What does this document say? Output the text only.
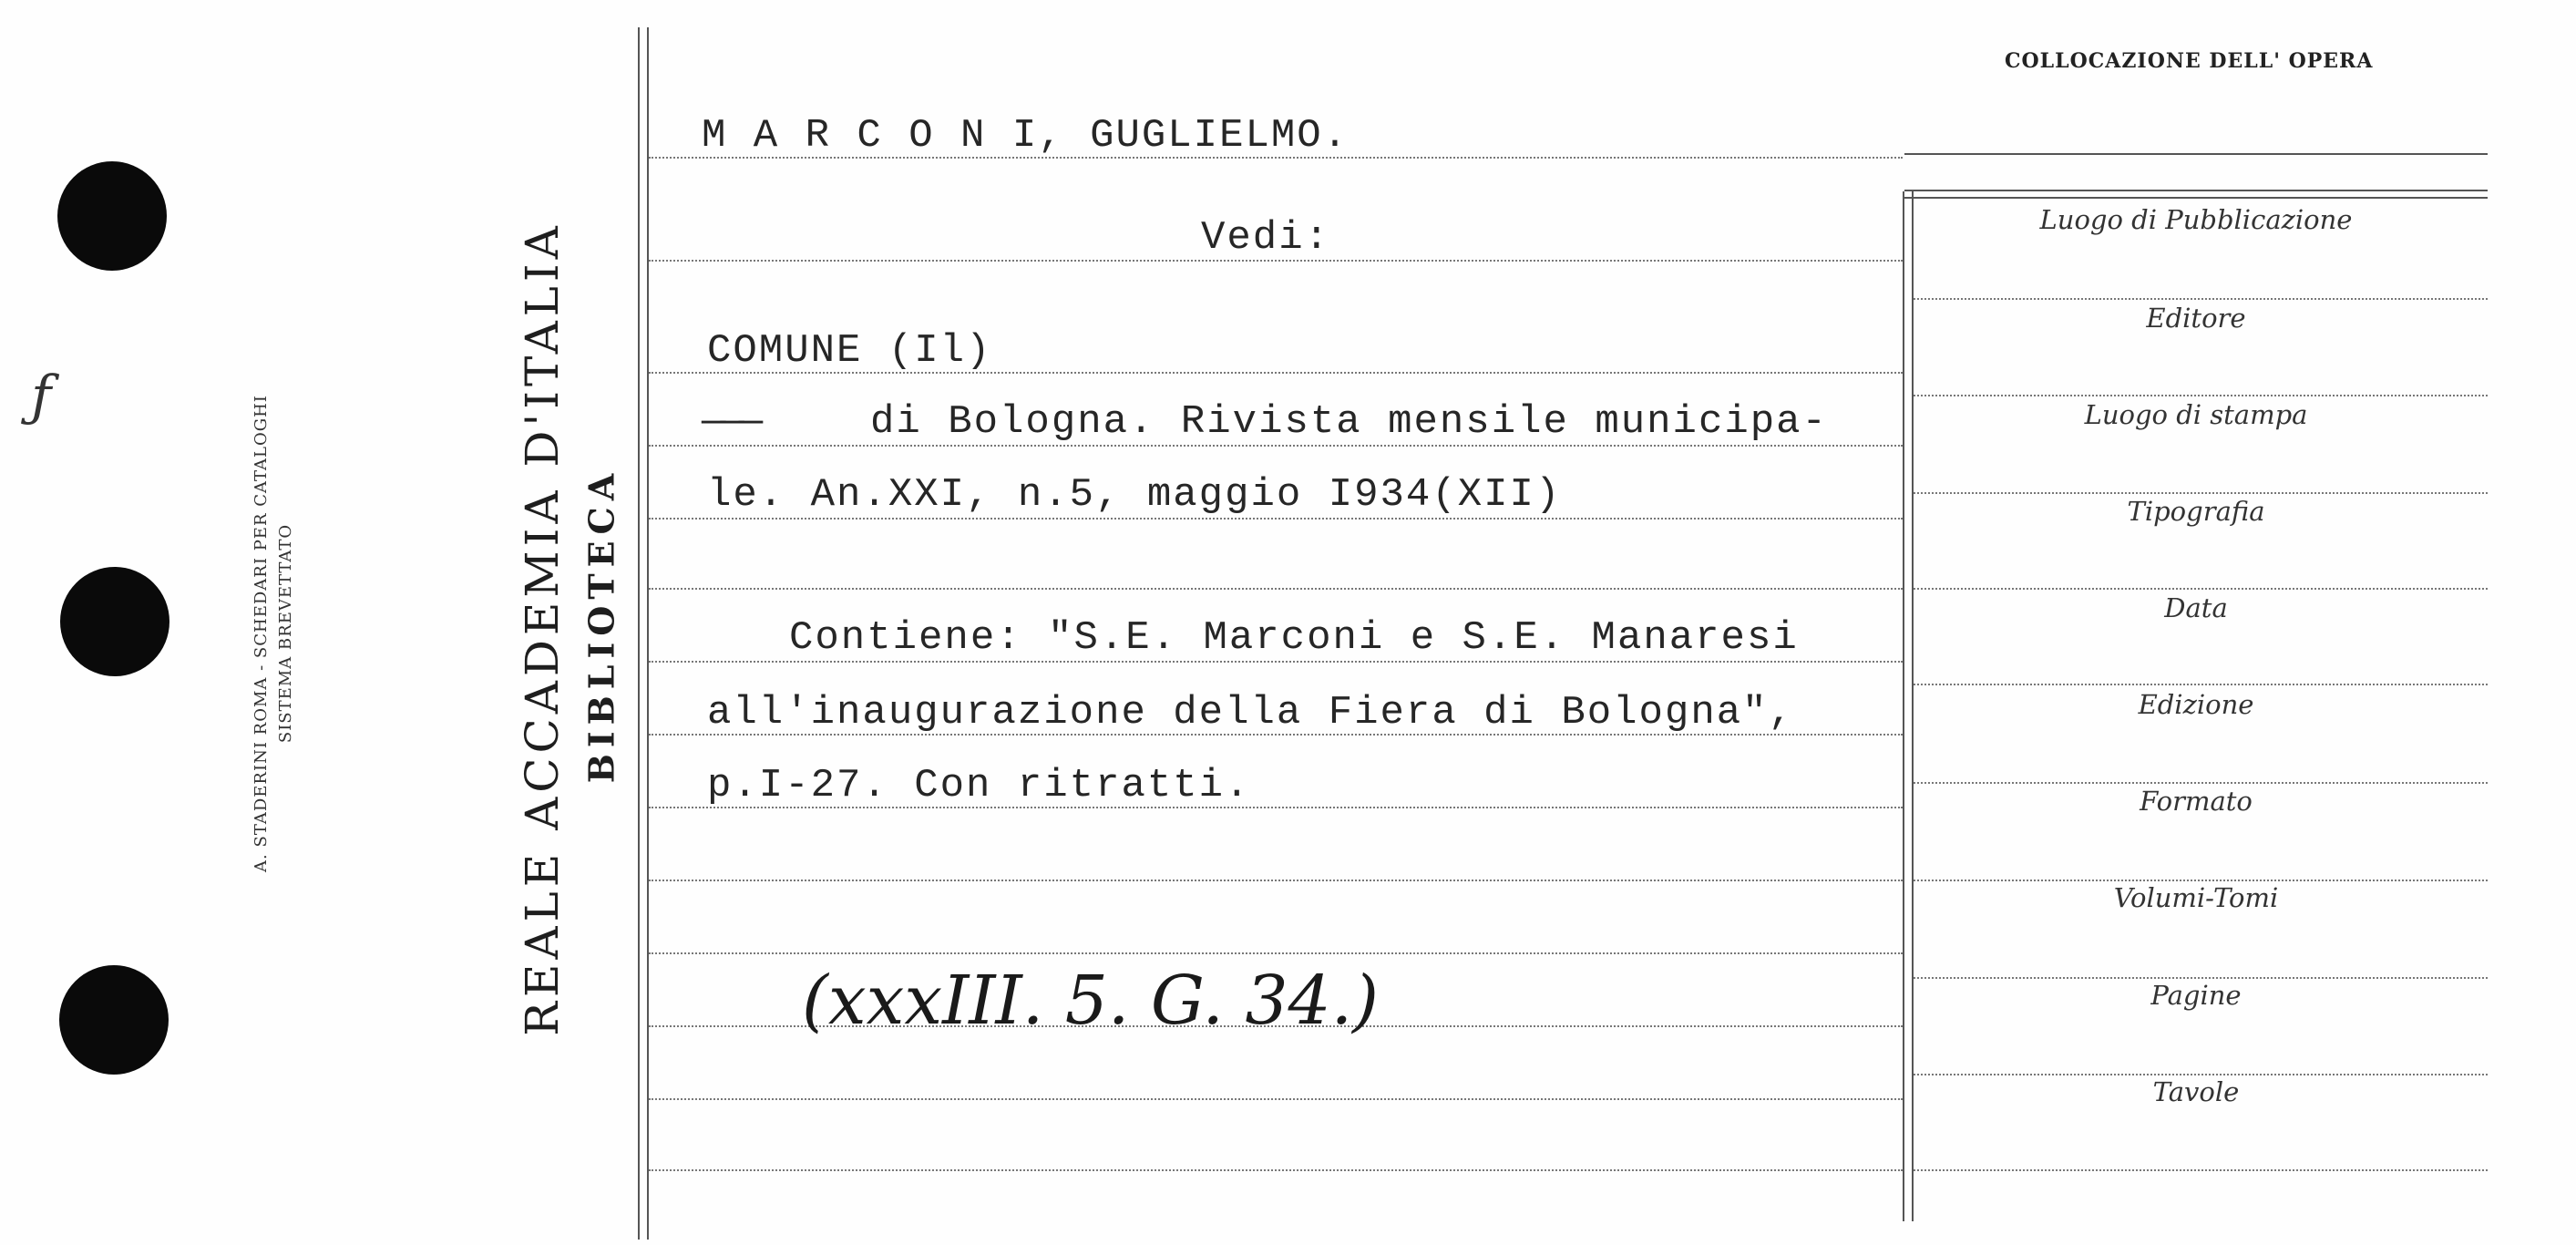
ƒ	A. STADERINI ROMA - SCHEDARI PER CATALOGHI SISTEMA BREVETTATO	REALE ACCADEMIA D'ITALIA BIBLIOTECA
COLLOCAZIONE DELL' OPERA
Luogo di Pubblicazione
Editore
Luogo di stampa
Tipografia
Data
Edizione
Formato
Volumi-Tomi
Pagine
Tavole
M A R C O N I, GUGLIELMO.
Vedi:
COMUNE (Il)
———	di Bologna. Rivista mensile municipa-
le. An.XXI, n.5, maggio I934(XII)
Contiene: "S.E. Marconi e S.E. Manaresi
all'inaugurazione della Fiera di Bologna",
p.I-27. Con ritratti.
(xxxIII. 5. G. 34.)
